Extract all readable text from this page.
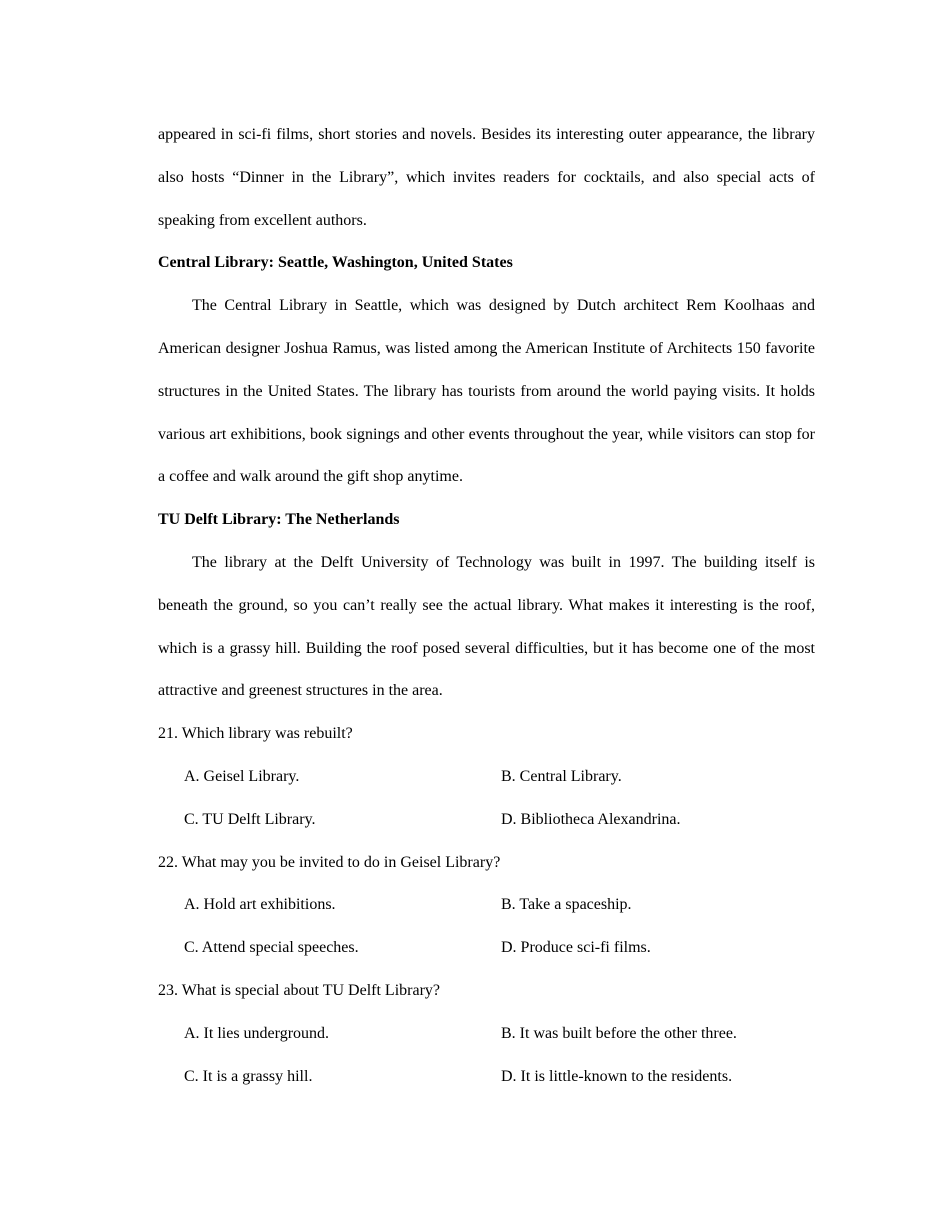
appeared in sci-fi films, short stories and novels. Besides its interesting outer appearance, the library also hosts “Dinner in the Library”, which invites readers for cocktails, and also special acts of speaking from excellent authors.

Central Library: Seattle, Washington, United States

The Central Library in Seattle, which was designed by Dutch architect Rem Koolhaas and American designer Joshua Ramus, was listed among the American Institute of Architects 150 favorite structures in the United States. The library has tourists from around the world paying visits. It holds various art exhibitions, book signings and other events throughout the year, while visitors can stop for a coffee and walk around the gift shop anytime.

TU Delft Library: The Netherlands

The library at the Delft University of Technology was built in 1997. The building itself is beneath the ground, so you can’t really see the actual library. What makes it interesting is the roof, which is a grassy hill. Building the roof posed several difficulties, but it has become one of the most attractive and greenest structures in the area.

21. Which library was rebuilt?

A. Geisel Library.	B. Central Library.
C. TU Delft Library.	D. Bibliotheca Alexandrina.

22. What may you be invited to do in Geisel Library?

A. Hold art exhibitions.	B. Take a spaceship.
C. Attend special speeches.	D. Produce sci-fi films.

23. What is special about TU Delft Library?

A. It lies underground.	B. It was built before the other three.
C. It is a grassy hill.	D. It is little-known to the residents.
